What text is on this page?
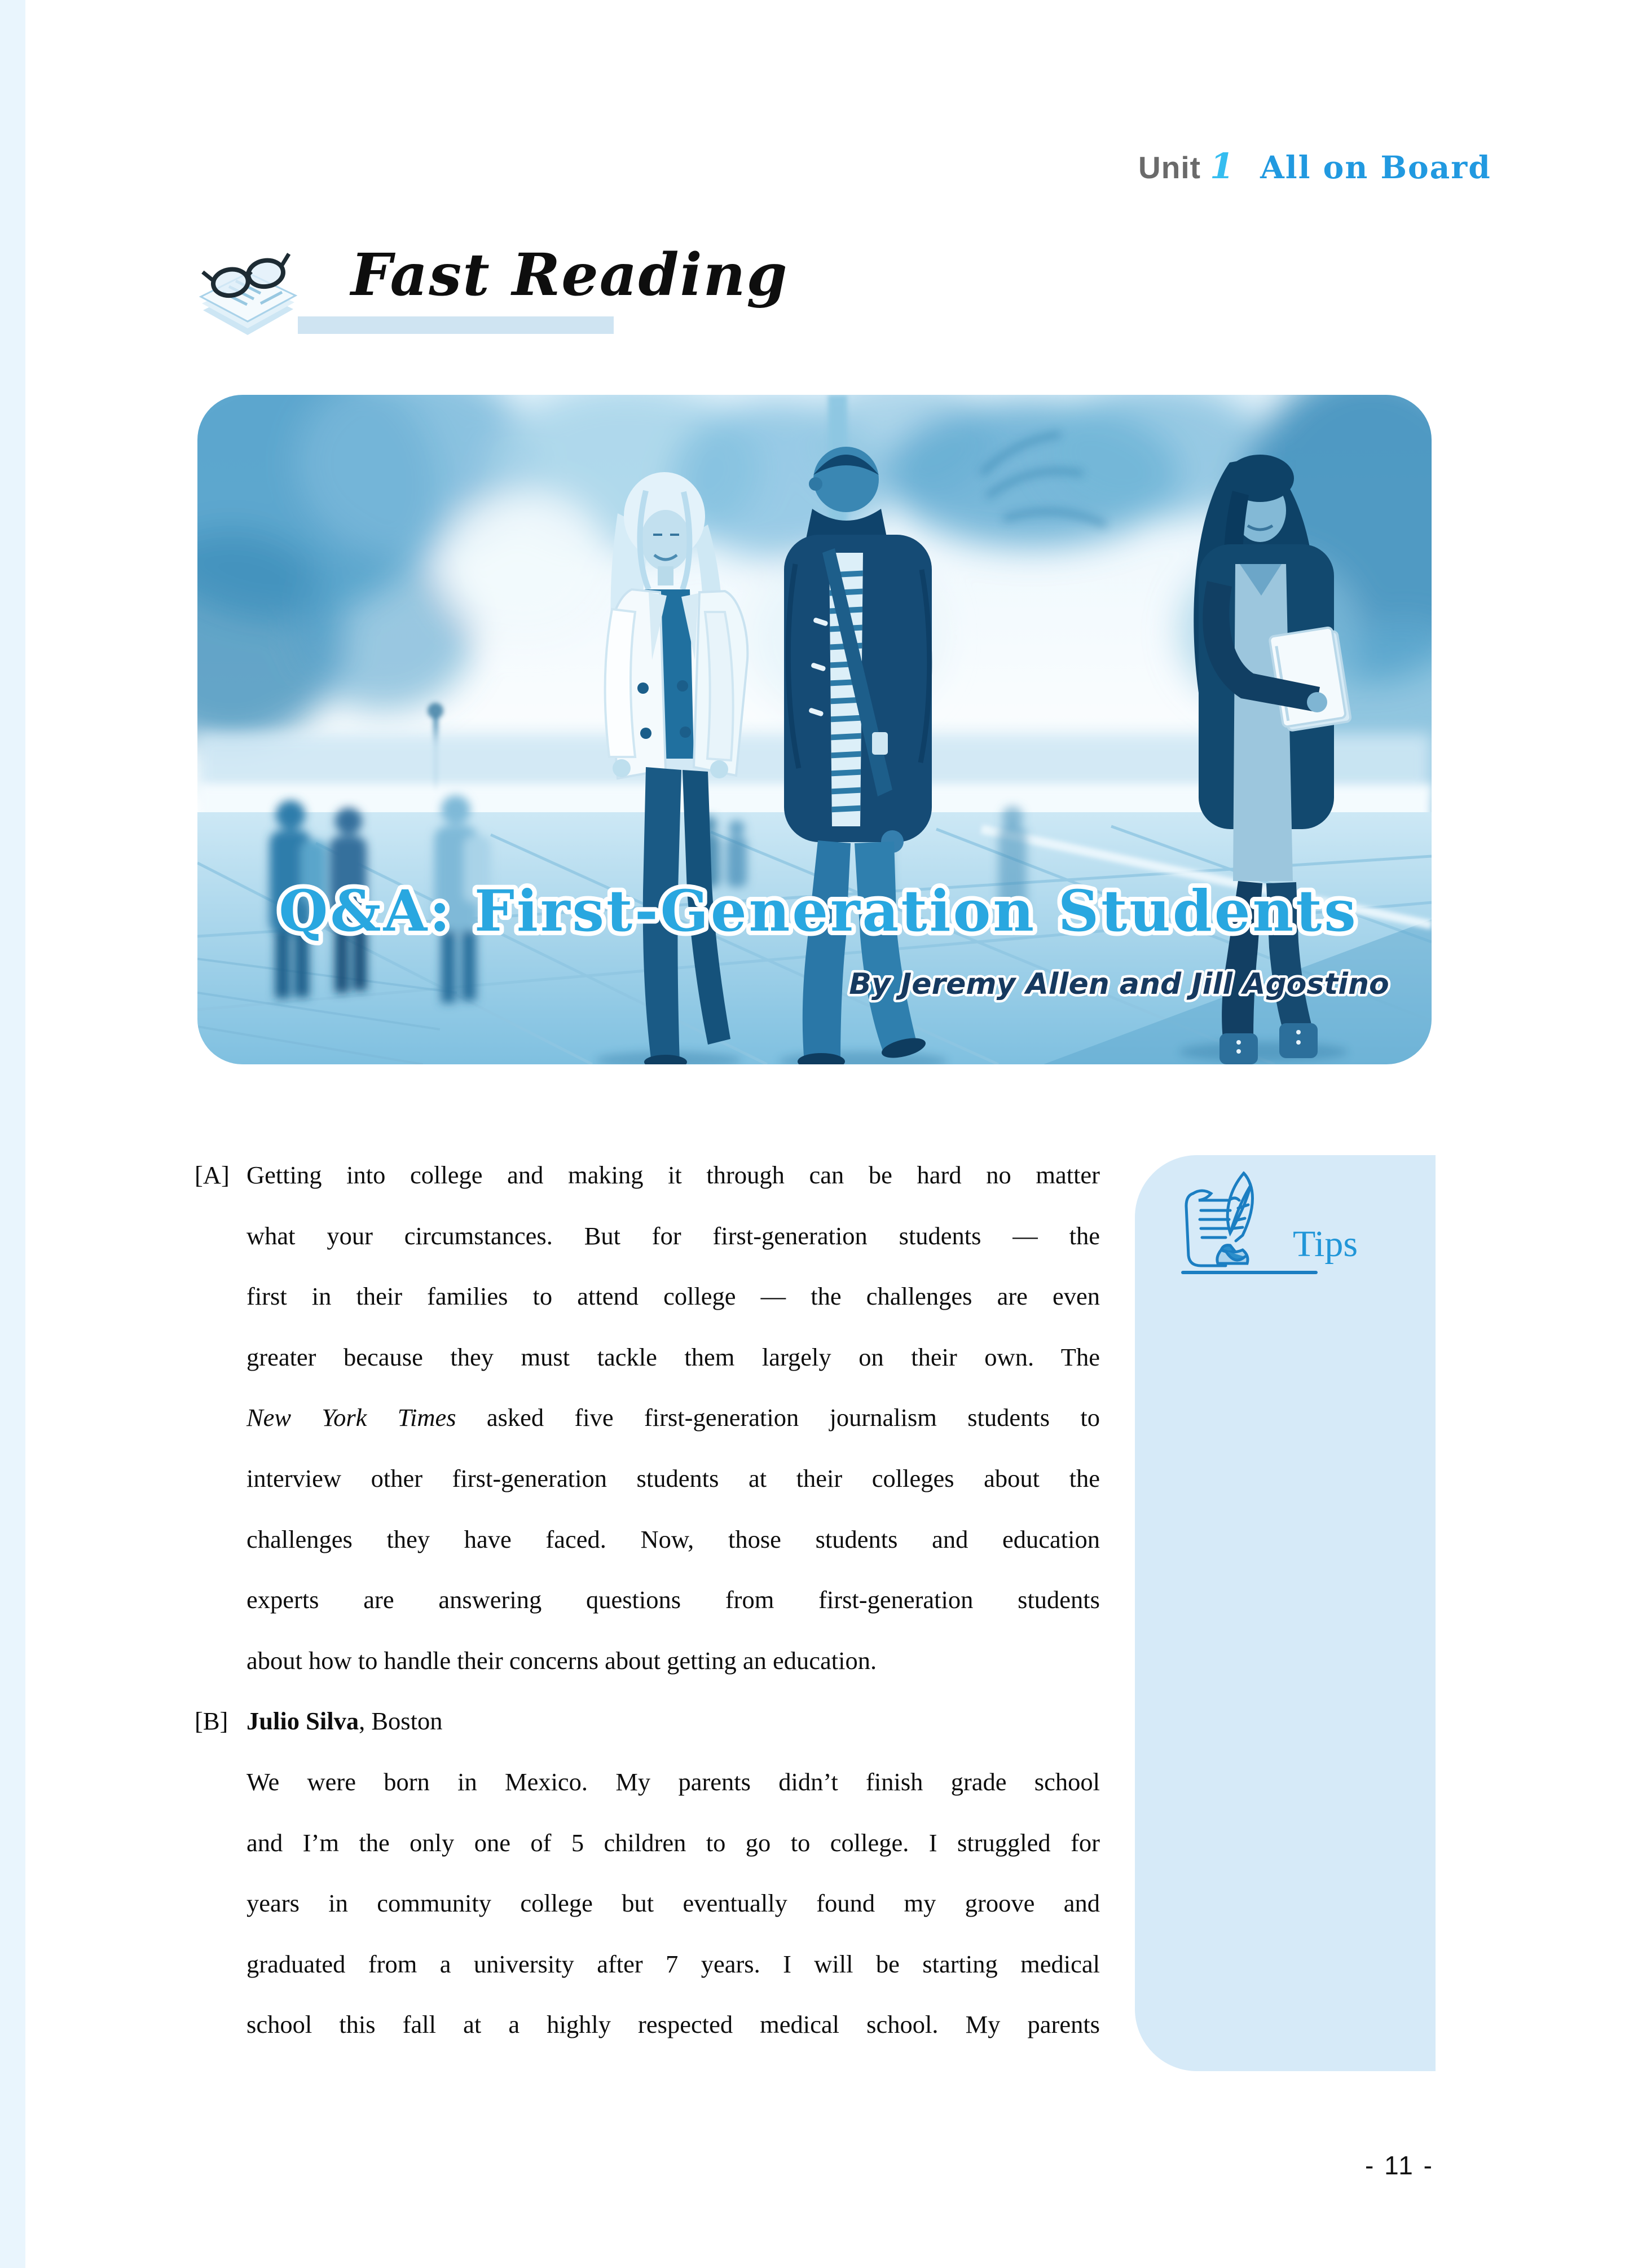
Unit 1 All on Board
Fast Reading
Q&A: First-Generation Students
By Jeremy Allen and Jill Agostino
[A] Getting into college and making it through can be hard no matter
what your circumstances. But for first-generation students — the
first in their families to attend college — the challenges are even
greater because they must tackle them largely on their own. The
New York Times asked five first-generation journalism students to
interview other first-generation students at their colleges about the
challenges they have faced. Now, those students and education
experts are answering questions from first-generation students
about how to handle their concerns about getting an education.
[B] Julio Silva, Boston
We were born in Mexico. My parents didn’t finish grade school
and I’m the only one of 5 children to go to college. I struggled for
years in community college but eventually found my groove and
graduated from a university after 7 years. I will be starting medical
school this fall at a highly respected medical school. My parents
Tips
- 11 -
